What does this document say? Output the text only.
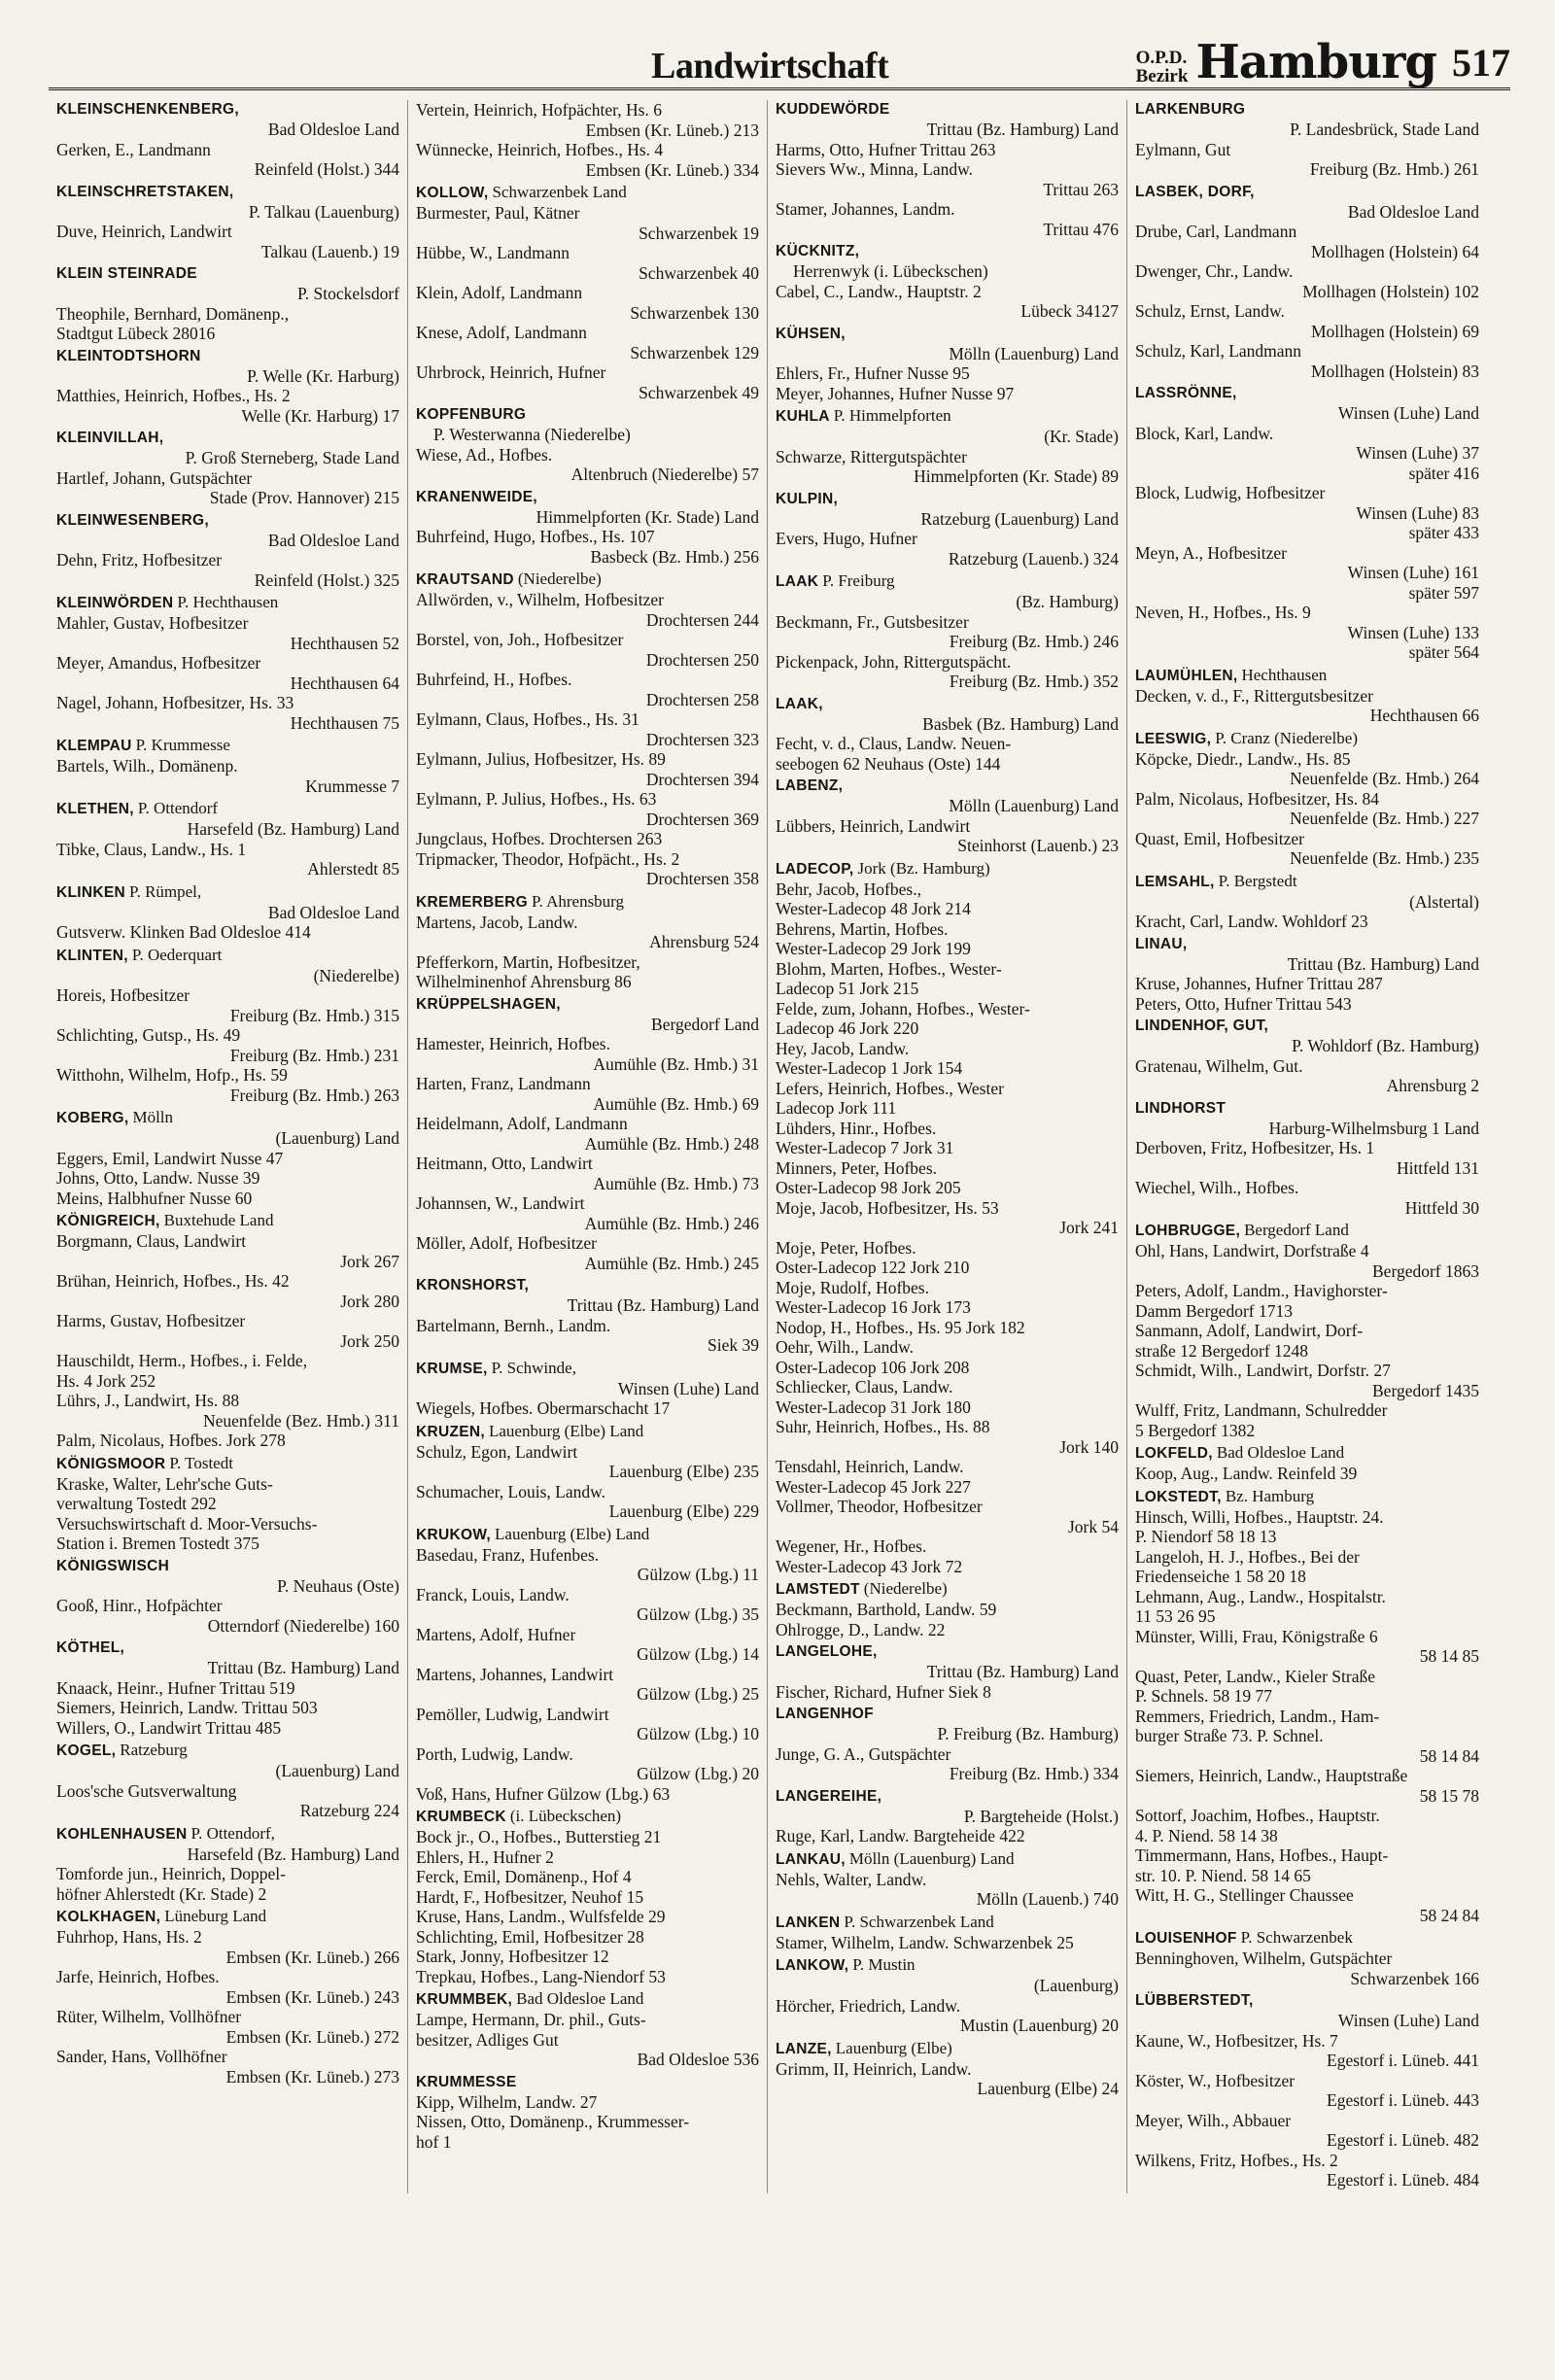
Landwirtschaft	O.P.D.
Bezirk Hamburg 517
KLEINSCHENKENBERG,
Bad Oldesloe Land
Gerken, E., Landmann
Reinfeld (Holst.) 344
KLEINSCHRETSTAKEN,
P. Talkau (Lauenburg)
Duve, Heinrich, Landwirt
Talkau (Lauenb.) 19
KLEIN STEINRADE
P. Stockelsdorf
Theophile, Bernhard, Domänenp.,
Stadtgut Lübeck 28016
KLEINTODTSHORN
P. Welle (Kr. Harburg)
Matthies, Heinrich, Hofbes., Hs. 2
Welle (Kr. Harburg) 17
KLEINVILLAH,
P. Groß Sterneberg, Stade Land
Hartlef, Johann, Gutspächter
Stade (Prov. Hannover) 215
KLEINWESENBERG,
Bad Oldesloe Land
Dehn, Fritz, Hofbesitzer
Reinfeld (Holst.) 325
KLEINWÖRDEN P. Hechthausen
Mahler, Gustav, Hofbesitzer
Hechthausen 52
Meyer, Amandus, Hofbesitzer
Hechthausen 64
Nagel, Johann, Hofbesitzer, Hs. 33
Hechthausen 75
KLEMPAU P. Krummesse
Bartels, Wilh., Domänenp.
Krummesse 7
KLETHEN, P. Ottendorf
Harsefeld (Bz. Hamburg) Land
Tibke, Claus, Landw., Hs. 1
Ahlerstedt 85
KLINKEN P. Rümpel,
Bad Oldesloe Land
Gutsverw. Klinken Bad Oldesloe 414
KLINTEN, P. Oederquart
(Niederelbe)
Horeis, Hofbesitzer
Freiburg (Bz. Hmb.) 315
Schlichting, Gutsp., Hs. 49
Freiburg (Bz. Hmb.) 231
Witthohn, Wilhelm, Hofp., Hs. 59
Freiburg (Bz. Hmb.) 263
KOBERG, Mölln
(Lauenburg) Land
Eggers, Emil, Landwirt Nusse 47
Johns, Otto, Landw. Nusse 39
Meins, Halbhufner Nusse 60
KÖNIGREICH, Buxtehude Land
Borgmann, Claus, Landwirt
Jork 267
Brühan, Heinrich, Hofbes., Hs. 42
Jork 280
Harms, Gustav, Hofbesitzer
Jork 250
Hauschildt, Herm., Hofbes., i. Felde,
Hs. 4 Jork 252
Lührs, J., Landwirt, Hs. 88
Neuenfelde (Bez. Hmb.) 311
Palm, Nicolaus, Hofbes. Jork 278
KÖNIGSMOOR P. Tostedt
Kraske, Walter, Lehr'sche Guts-
verwaltung Tostedt 292
Versuchswirtschaft d. Moor-Versuchs-
Station i. Bremen Tostedt 375
KÖNIGSWISCH
P. Neuhaus (Oste)
Gooß, Hinr., Hofpächter
Otterndorf (Niederelbe) 160
KÖTHEL,
Trittau (Bz. Hamburg) Land
Knaack, Heinr., Hufner Trittau 519
Siemers, Heinrich, Landw. Trittau 503
Willers, O., Landwirt Trittau 485
KOGEL, Ratzeburg
(Lauenburg) Land
Loos'sche Gutsverwaltung
Ratzeburg 224
KOHLENHAUSEN P. Ottendorf,
Harsefeld (Bz. Hamburg) Land
Tomforde jun., Heinrich, Doppel-
höfner Ahlerstedt (Kr. Stade) 2
KOLKHAGEN, Lüneburg Land
Fuhrhop, Hans, Hs. 2
Embsen (Kr. Lüneb.) 266
Jarfe, Heinrich, Hofbes.
Embsen (Kr. Lüneb.) 243
Rüter, Wilhelm, Vollhöfner
Embsen (Kr. Lüneb.) 272
Sander, Hans, Vollhöfner
Embsen (Kr. Lüneb.) 273
Vertein, Heinrich, Hofpächter, Hs. 6
Embsen (Kr. Lüneb.) 213
Wünnecke, Heinrich, Hofbes., Hs. 4
Embsen (Kr. Lüneb.) 334
KOLLOW, Schwarzenbek Land
Burmester, Paul, Kätner
Schwarzenbek 19
Hübbe, W., Landmann
Schwarzenbek 40
Klein, Adolf, Landmann
Schwarzenbek 130
Knese, Adolf, Landmann
Schwarzenbek 129
Uhrbrock, Heinrich, Hufner
Schwarzenbek 49
KOPFENBURG
P. Westerwanna (Niederelbe)
Wiese, Ad., Hofbes.
Altenbruch (Niederelbe) 57
KRANENWEIDE,
Himmelpforten (Kr. Stade) Land
Buhrfeind, Hugo, Hofbes., Hs. 107
Basbeck (Bz. Hmb.) 256
KRAUTSAND (Niederelbe)
Allwörden, v., Wilhelm, Hofbesitzer
Drochtersen 244
Borstel, von, Joh., Hofbesitzer
Drochtersen 250
Buhrfeind, H., Hofbes.
Drochtersen 258
Eylmann, Claus, Hofbes., Hs. 31
Drochtersen 323
Eylmann, Julius, Hofbesitzer, Hs. 89
Drochtersen 394
Eylmann, P. Julius, Hofbes., Hs. 63
Drochtersen 369
Jungclaus, Hofbes. Drochtersen 263
Tripmacker, Theodor, Hofpächt., Hs. 2
Drochtersen 358
KREMERBERG P. Ahrensburg
Martens, Jacob, Landw.
Ahrensburg 524
Pfefferkorn, Martin, Hofbesitzer,
Wilhelminenhof Ahrensburg 86
KRÜPPELSHAGEN,
Bergedorf Land
Hamester, Heinrich, Hofbes.
Aumühle (Bz. Hmb.) 31
Harten, Franz, Landmann
Aumühle (Bz. Hmb.) 69
Heidelmann, Adolf, Landmann
Aumühle (Bz. Hmb.) 248
Heitmann, Otto, Landwirt
Aumühle (Bz. Hmb.) 73
Johannsen, W., Landwirt
Aumühle (Bz. Hmb.) 246
Möller, Adolf, Hofbesitzer
Aumühle (Bz. Hmb.) 245
KRONSHORST,
Trittau (Bz. Hamburg) Land
Bartelmann, Bernh., Landm.
Siek 39
KRUMSE, P. Schwinde,
Winsen (Luhe) Land
Wiegels, Hofbes. Obermarschacht 17
KRUZEN, Lauenburg (Elbe) Land
Schulz, Egon, Landwirt
Lauenburg (Elbe) 235
Schumacher, Louis, Landw.
Lauenburg (Elbe) 229
KRUKOW, Lauenburg (Elbe) Land
Basedau, Franz, Hufenbes.
Gülzow (Lbg.) 11
Franck, Louis, Landw.
Gülzow (Lbg.) 35
Martens, Adolf, Hufner
Gülzow (Lbg.) 14
Martens, Johannes, Landwirt
Gülzow (Lbg.) 25
Pemöller, Ludwig, Landwirt
Gülzow (Lbg.) 10
Porth, Ludwig, Landw.
Gülzow (Lbg.) 20
Voß, Hans, Hufner Gülzow (Lbg.) 63
KRUMBECK (i. Lübeckschen)
Bock jr., O., Hofbes., Butterstieg 21
Ehlers, H., Hufner 2
Ferck, Emil, Domänenp., Hof 4
Hardt, F., Hofbesitzer, Neuhof 15
Kruse, Hans, Landm., Wulfsfelde 29
Schlichting, Emil, Hofbesitzer 28
Stark, Jonny, Hofbesitzer 12
Trepkau, Hofbes., Lang-Niendorf 53
KRUMMBEK, Bad Oldesloe Land
Lampe, Hermann, Dr. phil., Guts-
besitzer, Adliges Gut
Bad Oldesloe 536
KRUMMESSE
Kipp, Wilhelm, Landw. 27
Nissen, Otto, Domänenp., Krummesser-
hof 1
KUDDEWÖRDE
Trittau (Bz. Hamburg) Land
Harms, Otto, Hufner Trittau 263
Sievers Ww., Minna, Landw.
Trittau 263
Stamer, Johannes, Landm.
Trittau 476
KÜCKNITZ,
Herrenwyk (i. Lübeckschen)
Cabel, C., Landw., Hauptstr. 2
Lübeck 34127
KÜHSEN,
Mölln (Lauenburg) Land
Ehlers, Fr., Hufner Nusse 95
Meyer, Johannes, Hufner Nusse 97
KUHLA P. Himmelpforten
(Kr. Stade)
Schwarze, Rittergutspächter
Himmelpforten (Kr. Stade) 89
KULPIN,
Ratzeburg (Lauenburg) Land
Evers, Hugo, Hufner
Ratzeburg (Lauenb.) 324
LAAK P. Freiburg
(Bz. Hamburg)
Beckmann, Fr., Gutsbesitzer
Freiburg (Bz. Hmb.) 246
Pickenpack, John, Rittergutspächt.
Freiburg (Bz. Hmb.) 352
LAAK,
Basbek (Bz. Hamburg) Land
Fecht, v. d., Claus, Landw. Neuen-
seebogen 62 Neuhaus (Oste) 144
LABENZ,
Mölln (Lauenburg) Land
Lübbers, Heinrich, Landwirt
Steinhorst (Lauenb.) 23
LADECOP, Jork (Bz. Hamburg)
Behr, Jacob, Hofbes.,
Wester-Ladecop 48 Jork 214
Behrens, Martin, Hofbes.
Wester-Ladecop 29 Jork 199
Blohm, Marten, Hofbes., Wester-
Ladecop 51 Jork 215
Felde, zum, Johann, Hofbes., Wester-
Ladecop 46 Jork 220
Hey, Jacob, Landw.
Wester-Ladecop 1 Jork 154
Lefers, Heinrich, Hofbes., Wester
Ladecop Jork 111
Lühders, Hinr., Hofbes.
Wester-Ladecop 7 Jork 31
Minners, Peter, Hofbes.
Oster-Ladecop 98 Jork 205
Moje, Jacob, Hofbesitzer, Hs. 53
Jork 241
Moje, Peter, Hofbes.
Oster-Ladecop 122 Jork 210
Moje, Rudolf, Hofbes.
Wester-Ladecop 16 Jork 173
Nodop, H., Hofbes., Hs. 95 Jork 182
Oehr, Wilh., Landw.
Oster-Ladecop 106 Jork 208
Schliecker, Claus, Landw.
Wester-Ladecop 31 Jork 180
Suhr, Heinrich, Hofbes., Hs. 88
Jork 140
Tensdahl, Heinrich, Landw.
Wester-Ladecop 45 Jork 227
Vollmer, Theodor, Hofbesitzer
Jork 54
Wegener, Hr., Hofbes.
Wester-Ladecop 43 Jork 72
LAMSTEDT (Niederelbe)
Beckmann, Barthold, Landw. 59
Ohlrogge, D., Landw. 22
LANGELOHE,
Trittau (Bz. Hamburg) Land
Fischer, Richard, Hufner Siek 8
LANGENHOF
P. Freiburg (Bz. Hamburg)
Junge, G. A., Gutspächter
Freiburg (Bz. Hmb.) 334
LANGEREIHE,
P. Bargteheide (Holst.)
Ruge, Karl, Landw. Bargteheide 422
LANKAU, Mölln (Lauenburg) Land
Nehls, Walter, Landw.
Mölln (Lauenb.) 740
LANKEN P. Schwarzenbek Land
Stamer, Wilhelm, Landw. Schwarzenbek 25
LANKOW, P. Mustin
(Lauenburg)
Hörcher, Friedrich, Landw.
Mustin (Lauenburg) 20
LANZE, Lauenburg (Elbe)
Grimm, II, Heinrich, Landw.
Lauenburg (Elbe) 24
LARKENBURG
P. Landesbrück, Stade Land
Eylmann, Gut
Freiburg (Bz. Hmb.) 261
LASBEK, DORF,
Bad Oldesloe Land
Drube, Carl, Landmann
Mollhagen (Holstein) 64
Dwenger, Chr., Landw.
Mollhagen (Holstein) 102
Schulz, Ernst, Landw.
Mollhagen (Holstein) 69
Schulz, Karl, Landmann
Mollhagen (Holstein) 83
LASSRÖNNE,
Winsen (Luhe) Land
Block, Karl, Landw.
Winsen (Luhe) 37
später 416
Block, Ludwig, Hofbesitzer
Winsen (Luhe) 83
später 433
Meyn, A., Hofbesitzer
Winsen (Luhe) 161
später 597
Neven, H., Hofbes., Hs. 9
Winsen (Luhe) 133
später 564
LAUMÜHLEN, Hechthausen
Decken, v. d., F., Rittergutsbesitzer
Hechthausen 66
LEESWIG, P. Cranz (Niederelbe)
Köpcke, Diedr., Landw., Hs. 85
Neuenfelde (Bz. Hmb.) 264
Palm, Nicolaus, Hofbesitzer, Hs. 84
Neuenfelde (Bz. Hmb.) 227
Quast, Emil, Hofbesitzer
Neuenfelde (Bz. Hmb.) 235
LEMSAHL, P. Bergstedt
(Alstertal)
Kracht, Carl, Landw. Wohldorf 23
LINAU,
Trittau (Bz. Hamburg) Land
Kruse, Johannes, Hufner Trittau 287
Peters, Otto, Hufner Trittau 543
LINDENHOF, GUT,
P. Wohldorf (Bz. Hamburg)
Gratenau, Wilhelm, Gut.
Ahrensburg 2
LINDHORST
Harburg-Wilhelmsburg 1 Land
Derboven, Fritz, Hofbesitzer, Hs. 1
Hittfeld 131
Wiechel, Wilh., Hofbes.
Hittfeld 30
LOHBRUGGE, Bergedorf Land
Ohl, Hans, Landwirt, Dorfstraße 4
Bergedorf 1863
Peters, Adolf, Landm., Havighorster-
Damm Bergedorf 1713
Sanmann, Adolf, Landwirt, Dorf-
straße 12 Bergedorf 1248
Schmidt, Wilh., Landwirt, Dorfstr. 27
Bergedorf 1435
Wulff, Fritz, Landmann, Schulredder
5 Bergedorf 1382
LOKFELD, Bad Oldesloe Land
Koop, Aug., Landw. Reinfeld 39
LOKSTEDT, Bz. Hamburg
Hinsch, Willi, Hofbes., Hauptstr. 24.
P. Niendorf 58 18 13
Langeloh, H. J., Hofbes., Bei der
Friedenseiche 1 58 20 18
Lehmann, Aug., Landw., Hospitalstr.
11 53 26 95
Münster, Willi, Frau, Königstraße 6
58 14 85
Quast, Peter, Landw., Kieler Straße
P. Schnels. 58 19 77
Remmers, Friedrich, Landm., Ham-
burger Straße 73. P. Schnel.
58 14 84
Siemers, Heinrich, Landw., Hauptstraße
58 15 78
Sottorf, Joachim, Hofbes., Hauptstr.
4. P. Niend. 58 14 38
Timmermann, Hans, Hofbes., Haupt-
str. 10. P. Niend. 58 14 65
Witt, H. G., Stellinger Chaussee
58 24 84
LOUISENHOF P. Schwarzenbek
Benninghoven, Wilhelm, Gutspächter
Schwarzenbek 166
LÜBBERSTEDT,
Winsen (Luhe) Land
Kaune, W., Hofbesitzer, Hs. 7
Egestorf i. Lüneb. 441
Köster, W., Hofbesitzer
Egestorf i. Lüneb. 443
Meyer, Wilh., Abbauer
Egestorf i. Lüneb. 482
Wilkens, Fritz, Hofbes., Hs. 2
Egestorf i. Lüneb. 484
